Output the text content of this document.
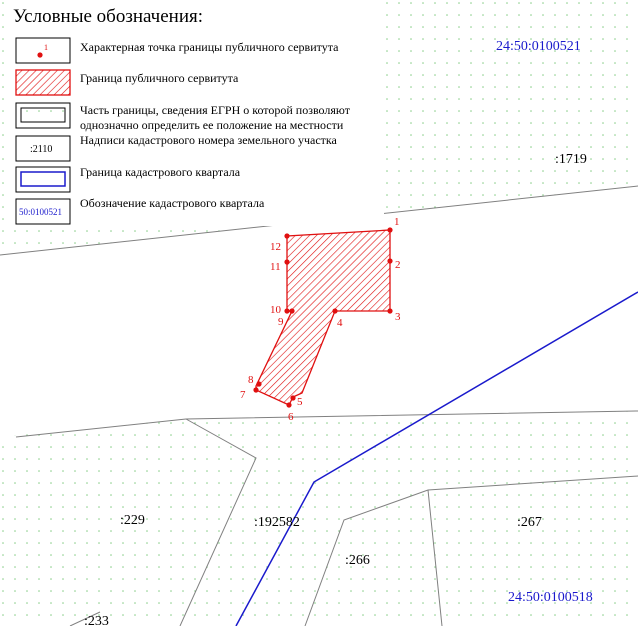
1
2
3
4
5
6
7
8
9
10
11
12
:1719
:229	:192582	:267
:266
:233
24:50:0100521
24:50:0100518
Условные обозначения:
1	Характерная точка границы публичного сервитута
Граница публичного сервитута
Часть границы, сведения ЕГРН о которой позволяют
однозначно определить ее положение на местности
:2110
Надписи кадастрового номера земельного участка
Граница кадастрового квартала
50:0100521
Обозначение кадастрового квартала
